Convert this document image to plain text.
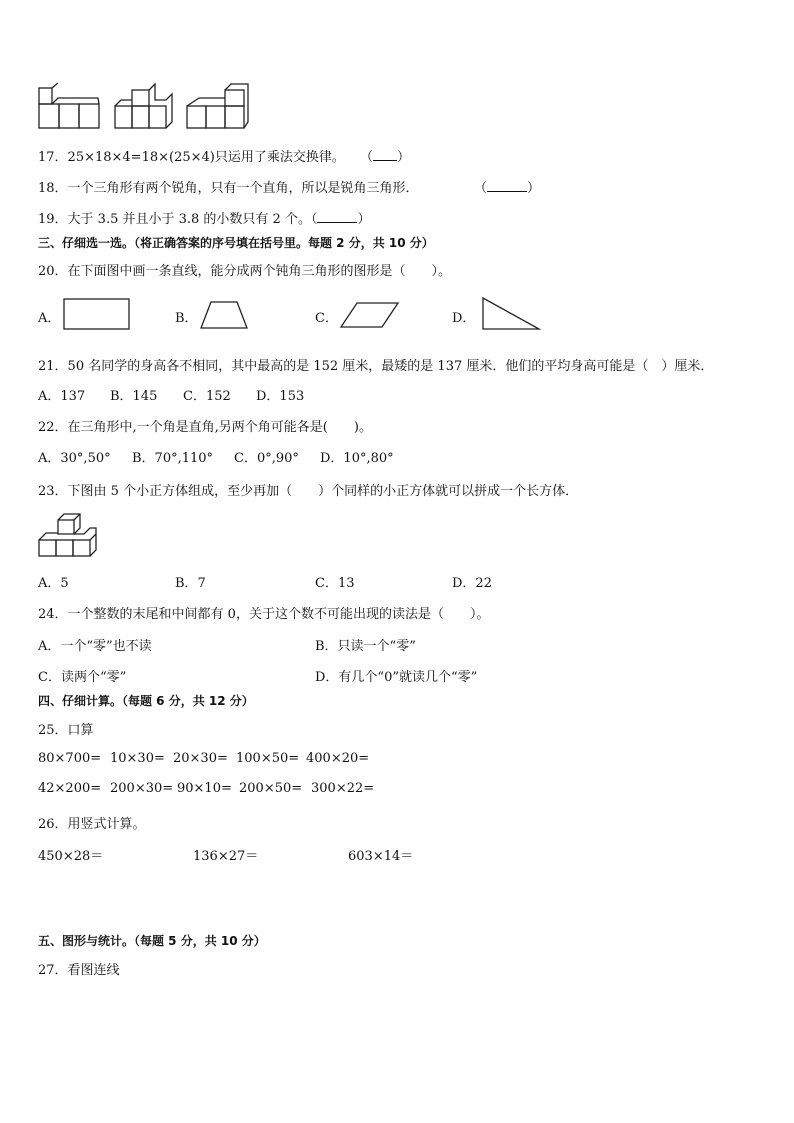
17．25×18×4=18×(25×4)只运用了乘法交换律。 （ ）
18．一个三角形有两个锐角，只有一个直角，所以是锐角三角形．	（	）
19．大于 3.5 并且小于 3.8 的小数只有 2 个。（	）
三、仔细选一选。（将正确答案的序号填在括号里。每题 2 分，共 10 分）
20．在下面图中画一条直线，能分成两个钝角三角形的图形是（　　）。
A．	B．	C．	D．
21．50 名同学的身高各不相同，其中最高的是 152 厘米，最矮的是 137 厘米．他们的平均身高可能是（　）厘米．
A．137 B．145 C．152 D．153
22．在三角形中,一个角是直角,另两个角可能各是(　　)。
A．30°,50° B．70°,110° C．0°,90° D．10°,80°
23．下图由 5 个小正方体组成，至少再加（　　）个同样的小正方体就可以拼成一个长方体．
A．5	B．7	C．13	D．22
24．一个整数的末尾和中间都有 0，关于这个数不可能出现的读法是（　　）。
A．一个“零”也不读	B．只读一个“零”
C．读两个“零”	D．有几个“0”就读几个“零”
四、仔细计算。（每题 6 分，共 12 分）
25．口算
80×700= 10×30= 20×30= 100×50= 400×20=
42×200= 200×30= 90×10= 200×50= 300×22=
26．用竖式计算。
450×28＝	136×27＝	603×14＝
五、图形与统计。（每题 5 分，共 10 分）
27．看图连线
